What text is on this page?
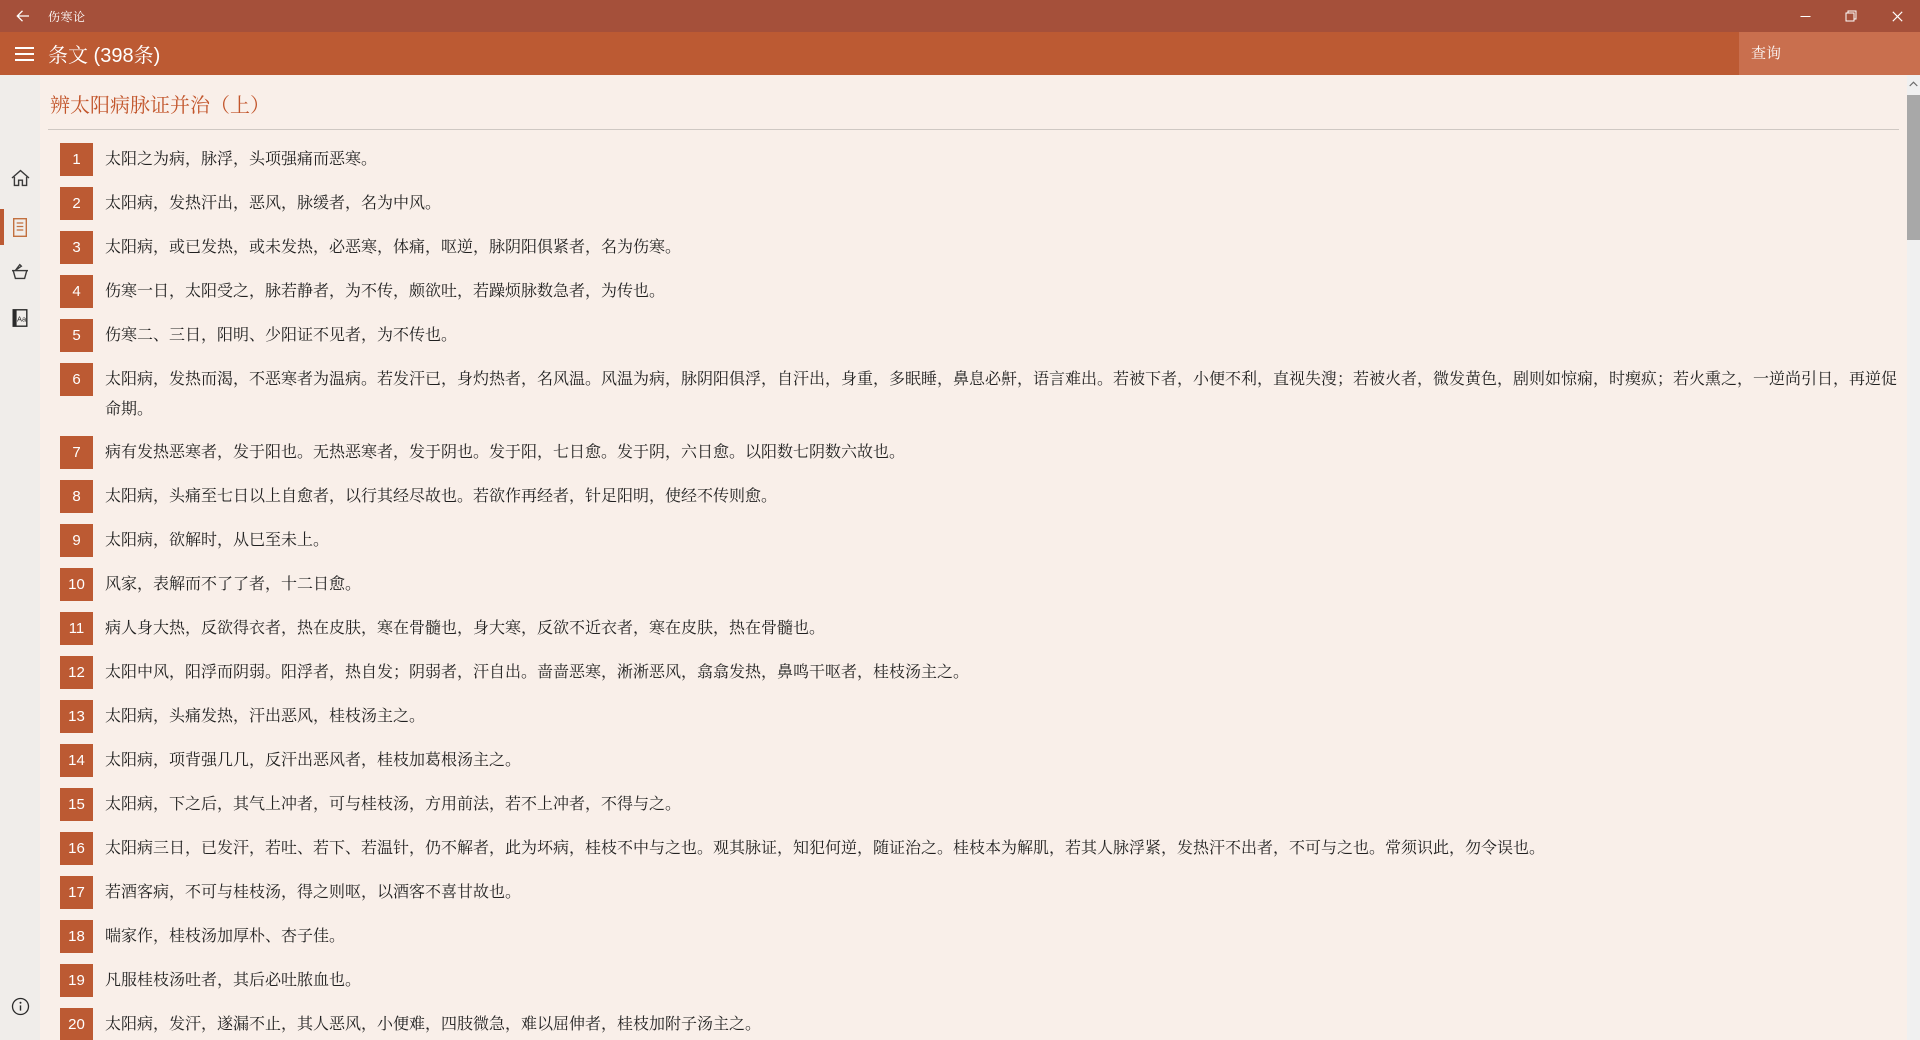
伤寒论
条文 (398条)
查询
Aa
辨太阳病脉证并治（上）
1	太阳之为病，脉浮，头项强痛而恶寒。
2	太阳病，发热汗出，恶风，脉缓者，名为中风。
3	太阳病，或已发热，或未发热，必恶寒，体痛，呕逆，脉阴阳俱紧者，名为伤寒。
4	伤寒一日，太阳受之，脉若静者，为不传，颇欲吐，若躁烦脉数急者，为传也。
5	伤寒二、三日，阳明、少阳证不见者，为不传也。
6	太阳病，发热而渴，不恶寒者为温病。若发汗已，身灼热者，名风温。风温为病，脉阴阳俱浮，自汗出，身重，多眠睡，鼻息必鼾，语言难出。若被下者，小便不利，直视失溲；若被火者，微发黄色，剧则如惊痫，时瘈疭；若火熏之，一逆尚引日，再逆促命期。
7	病有发热恶寒者，发于阳也。无热恶寒者，发于阴也。发于阳，七日愈。发于阴，六日愈。以阳数七阴数六故也。
8	太阳病，头痛至七日以上自愈者，以行其经尽故也。若欲作再经者，针足阳明，使经不传则愈。
9	太阳病，欲解时，从巳至未上。
10	风家，表解而不了了者，十二日愈。
11	病人身大热，反欲得衣者，热在皮肤，寒在骨髓也，身大寒，反欲不近衣者，寒在皮肤，热在骨髓也。
12	太阳中风，阳浮而阴弱。阳浮者，热自发；阴弱者，汗自出。啬啬恶寒，淅淅恶风，翕翕发热，鼻鸣干呕者，桂枝汤主之。
13	太阳病，头痛发热，汗出恶风，桂枝汤主之。
14	太阳病，项背强几几，反汗出恶风者，桂枝加葛根汤主之。
15	太阳病，下之后，其气上冲者，可与桂枝汤，方用前法，若不上冲者，不得与之。
16	太阳病三日，已发汗，若吐、若下、若温针，仍不解者，此为坏病，桂枝不中与之也。观其脉证，知犯何逆，随证治之。桂枝本为解肌，若其人脉浮紧，发热汗不出者，不可与之也。常须识此，勿令误也。
17	若酒客病，不可与桂枝汤，得之则呕，以酒客不喜甘故也。
18	喘家作，桂枝汤加厚朴、杏子佳。
19	凡服桂枝汤吐者，其后必吐脓血也。
20	太阳病，发汗，遂漏不止，其人恶风，小便难，四肢微急，难以屈伸者，桂枝加附子汤主之。
